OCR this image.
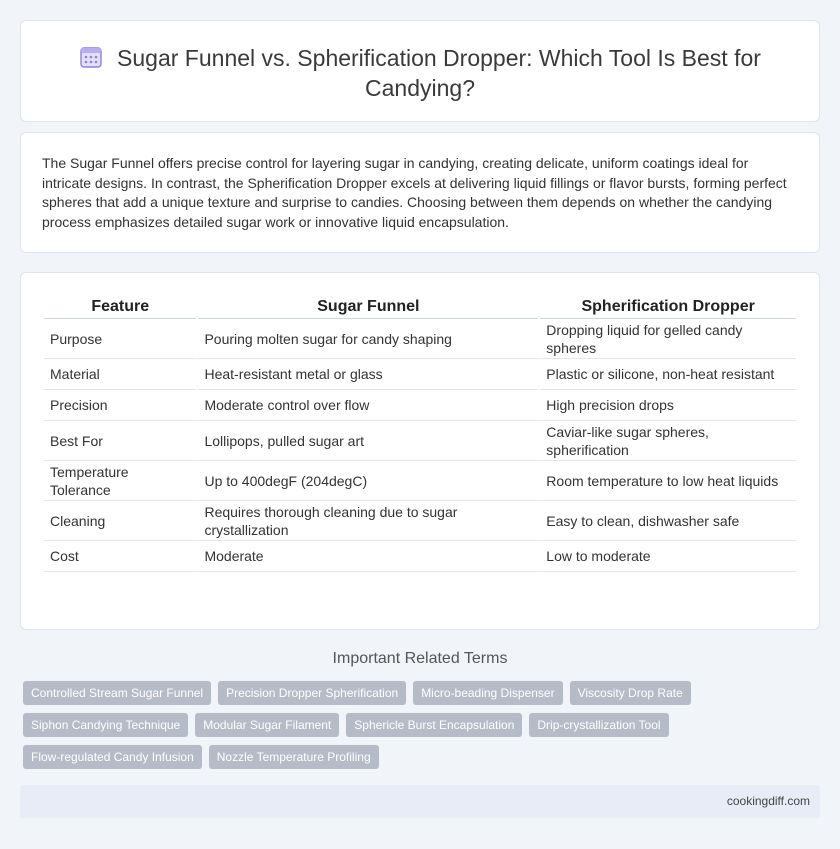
Sugar Funnel vs. Spherification Dropper: Which Tool Is Best for Candying?

The Sugar Funnel offers precise control for layering sugar in candying, creating delicate, uniform coatings ideal for intricate designs. In contrast, the Spherification Dropper excels at delivering liquid fillings or flavor bursts, forming perfect spheres that add a unique texture and surprise to candies. Choosing between them depends on whether the candying process emphasizes detailed sugar work or innovative liquid encapsulation.

Feature	Sugar Funnel	Spherification Dropper
Purpose	Pouring molten sugar for candy shaping	Dropping liquid for gelled candy spheres
Material	Heat-resistant metal or glass	Plastic or silicone, non-heat resistant
Precision	Moderate control over flow	High precision drops
Best For	Lollipops, pulled sugar art	Caviar-like sugar spheres, spherification
Temperature Tolerance	Up to 400degF (204degC)	Room temperature to low heat liquids
Cleaning	Requires thorough cleaning due to sugar crystallization	Easy to clean, dishwasher safe
Cost	Moderate	Low to moderate
Important Related Terms
Controlled Stream Sugar Funnel	Precision Dropper Spherification	Micro-beading Dispenser	Viscosity Drop Rate
Siphon Candying Technique	Modular Sugar Filament	Sphericle Burst Encapsulation	Drip-crystallization Tool
Flow-regulated Candy Infusion	Nozzle Temperature Profiling
cookingdiff.com
